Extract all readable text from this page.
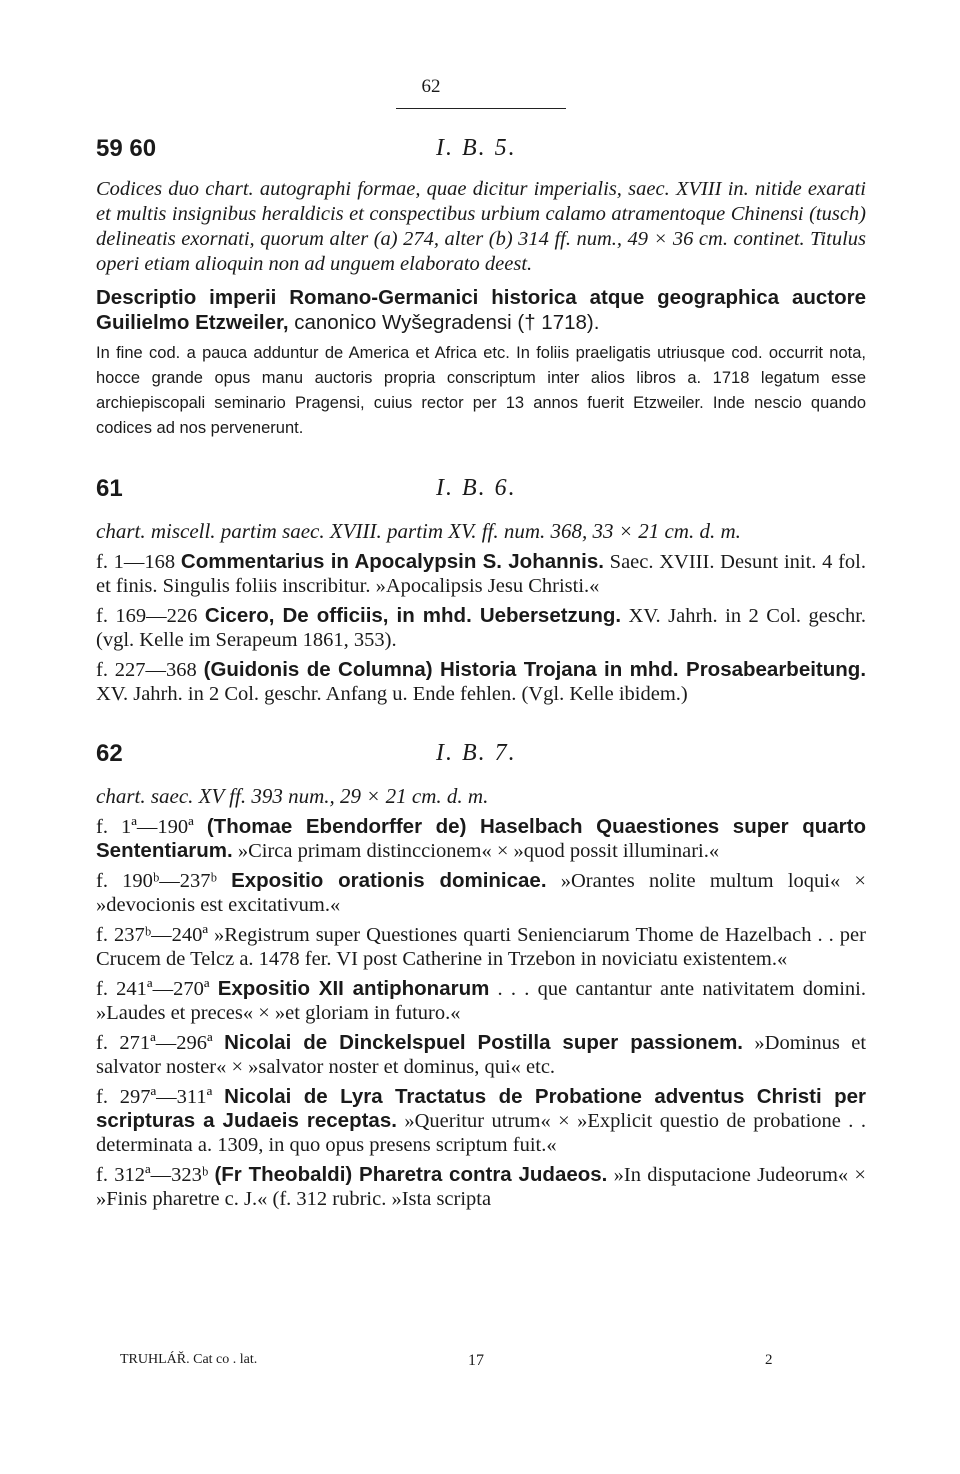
62
59 60	I. B. 5.

Codices duo chart. autographi formae, quae dicitur imperialis, saec. XVIII in. nitide exarati et multis insignibus heraldicis et conspectibus urbium calamo atramentoque Chinensi (tusch) delineatis exornati, quorum alter (a) 274, alter (b) 314 ff. num., 49 × 36 cm. continet. Titulus operi etiam alioquin non ad unguem elaborato deest.

Descriptio imperii Romano-Germanici historica atque geographica auctore Guilielmo Etzweiler, canonico Wyšegradensi († 1718).

In fine cod. a pauca adduntur de America et Africa etc. In foliis praeligatis utriusque cod. occurrit nota, hocce grande opus manu auctoris propria conscriptum inter alios libros a. 1718 legatum esse archiepiscopali seminario Pragensi, cuius rector per 13 annos fuerit Etzweiler. Inde nescio quando codices ad nos pervenerunt.

61	I. B. 6.

chart. miscell. partim saec. XVIII. partim XV. ff. num. 368, 33 × 21 cm. d. m.

f. 1—168 Commentarius in Apocalypsin S. Johannis. Saec. XVIII. Desunt init. 4 fol. et finis. Singulis foliis inscribitur. »Apocalipsis Jesu Christi.«

f. 169—226 Cicero, De officiis, in mhd. Uebersetzung. XV. Jahrh. in 2 Col. geschr. (vgl. Kelle im Serapeum 1861, 353).

f. 227—368 (Guidonis de Columna) Historia Trojana in mhd. Prosabearbeitung. XV. Jahrh. in 2 Col. geschr. Anfang u. Ende fehlen. (Vgl. Kelle ibidem.)

62	I. B. 7.

chart. saec. XV ff. 393 num., 29 × 21 cm. d. m.

f. 1ª—190ª (Thomae Ebendorffer de) Haselbach Quaestiones super quarto Sententiarum. »Circa primam distinccionem« × »quod possit illuminari.«

f. 190ᵇ—237ᵇ Expositio orationis dominicae. »Orantes nolite multum loqui« × »devocionis est excitativum.«

f. 237ᵇ—240ª »Registrum super Questiones quarti Senienciarum Thome de Hazelbach . . per Crucem de Telcz a. 1478 fer. VI post Catherine in Trzebon in noviciatu existentem.«

f. 241ª—270ª Expositio XII antiphonarum . . . que cantantur ante nativitatem domini. »Laudes et preces« × »et gloriam in futuro.«

f. 271ª—296ª Nicolai de Dinckelspuel Postilla super passionem. »Dominus et salvator noster« × »salvator noster et dominus, qui« etc.

f. 297ª—311ª Nicolai de Lyra Tractatus de Probatione adventus Christi per scripturas a Judaeis receptas. »Queritur utrum« × »Explicit questio de probatione . . determinata a. 1309, in quo opus presens scriptum fuit.«

f. 312ª—323ᵇ (Fr Theobaldi) Pharetra contra Judaeos. »In disputacione Judeorum« × »Finis pharetre c. J.« (f. 312 rubric. »Ista scripta

TRUHLÁŘ. Cat co . lat.	17	2
